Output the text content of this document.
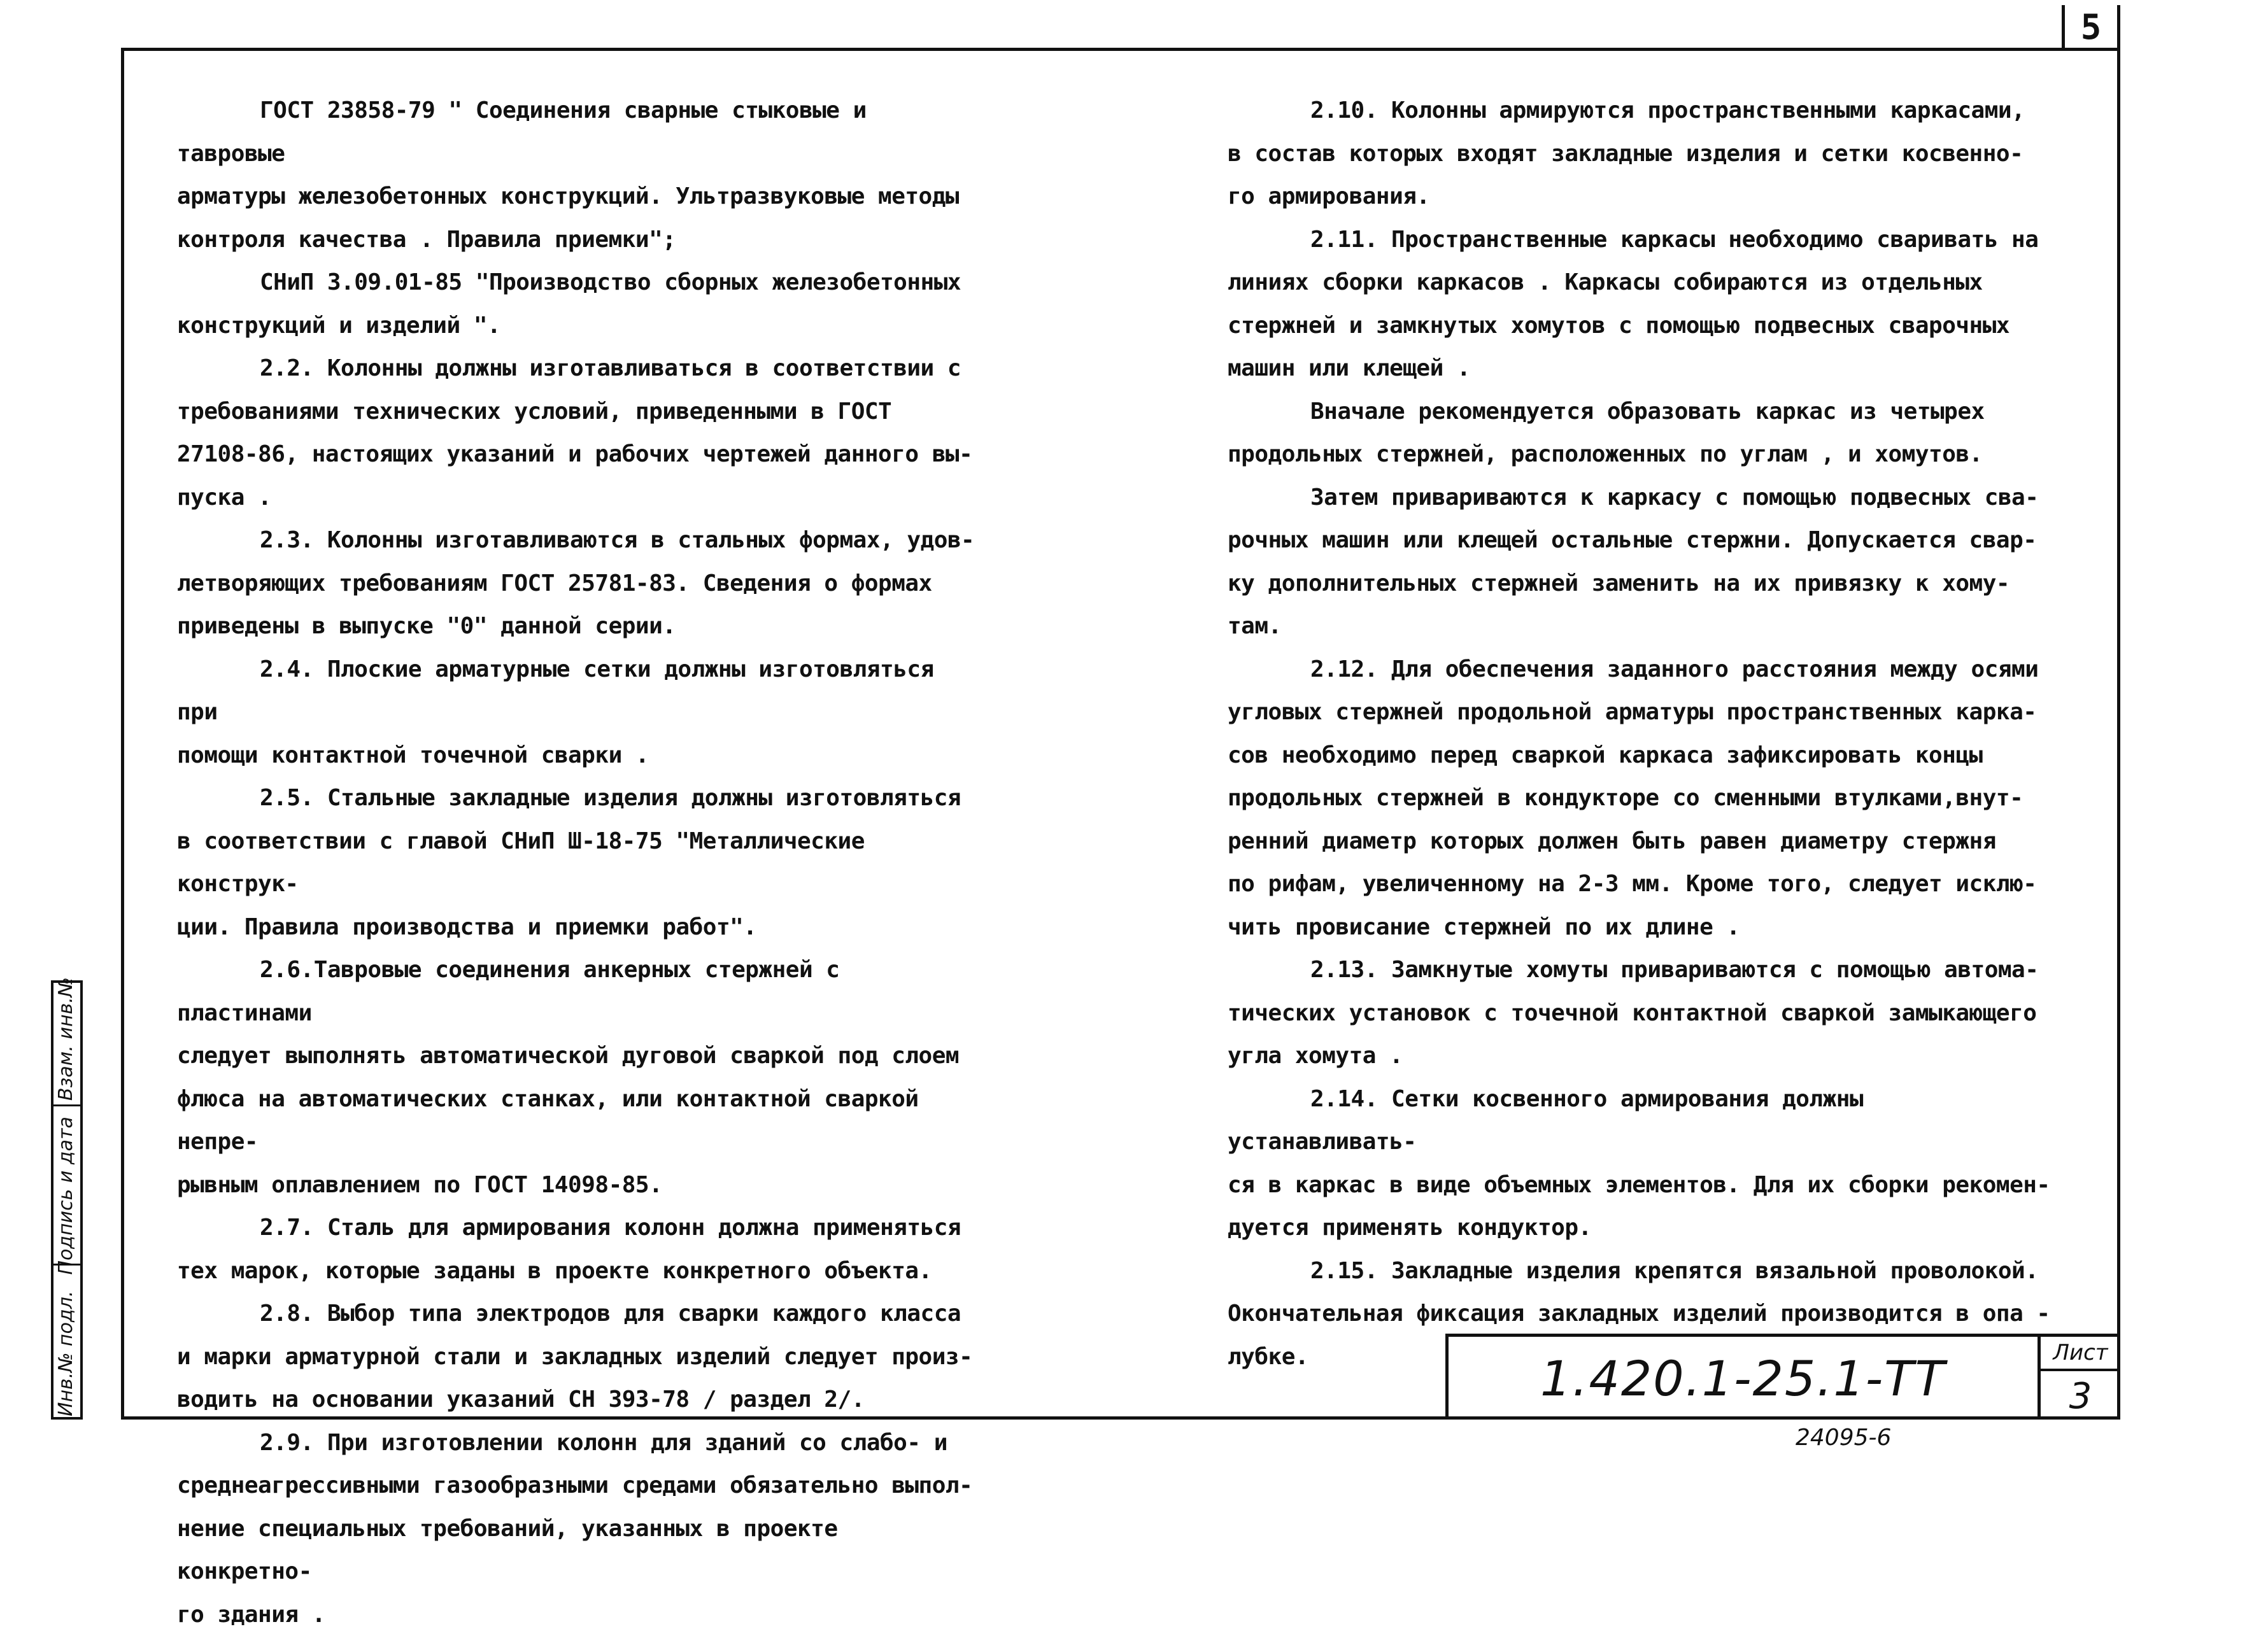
5

ГОСТ 23858-79 " Соединения сварные стыковые и тавровые
арматуры железобетонных конструкций. Ультразвуковые методы
контроля качества . Правила приемки";

СНиП 3.09.01-85 "Производство сборных железобетонных
конструкций и изделий ".

2.2. Колонны должны изготавливаться в соответствии с
требованиями технических условий, приведенными в ГОСТ
27108-86, настоящих указаний и рабочих чертежей данного вы-
пуска .

2.3. Колонны изготавливаются в стальных формах, удов-
летворяющих требованиям ГОСТ 25781-83. Сведения о формах
приведены в выпуске "0" данной серии.

2.4. Плоские арматурные сетки должны изготовляться при
помощи контактной точечной сварки .

2.5. Стальные закладные изделия должны изготовляться
в соответствии с главой СНиП Ш-18-75 "Металлические конструк-
ции. Правила производства и приемки работ".

2.6.Тавровые соединения анкерных стержней с пластинами
следует выполнять автоматической дуговой сваркой под слоем
флюса на автоматических станках, или контактной сваркой непре-
рывным оплавлением по ГОСТ 14098-85.

2.7. Сталь для армирования колонн должна применяться
тех марок, которые заданы в проекте конкретного объекта.

2.8. Выбор типа электродов для сварки каждого класса
и марки арматурной стали и закладных изделий следует произ-
водить на основании указаний СН 393-78 / раздел 2/.

2.9. При изготовлении колонн для зданий со слабо- и
среднеагрессивными газообразными средами обязательно выпол-
нение специальных требований, указанных в проекте конкретно-
го здания .

2.10. Колонны армируются пространственными каркасами,
в состав которых входят закладные изделия и сетки косвенно-
го армирования.

2.11. Пространственные каркасы необходимо сваривать на
линиях сборки каркасов . Каркасы собираются из отдельных
стержней и замкнутых хомутов с помощью подвесных сварочных
машин или клещей .

Вначале рекомендуется образовать каркас из четырех
продольных стержней, расположенных по углам , и хомутов.

Затем привариваются к каркасу с помощью подвесных сва-
рочных машин или клещей остальные стержни. Допускается свар-
ку дополнительных стержней заменить на их привязку к хому-
там.

2.12. Для обеспечения заданного расстояния между осями
угловых стержней продольной арматуры пространственных карка-
сов необходимо перед сваркой каркаса зафиксировать концы
продольных стержней в кондукторе со сменными втулками,внут-
ренний диаметр которых должен быть равен диаметру стержня
по рифам, увеличенному на 2-3 мм. Кроме того, следует исклю-
чить провисание стержней по их длине .

2.13. Замкнутые хомуты привариваются с помощью автома-
тических установок с точечной контактной сваркой замыкающего
угла хомута .

2.14. Сетки косвенного армирования должны устанавливать-
ся в каркас в виде объемных элементов. Для их сборки рекомен-
дуется применять кондуктор.

2.15. Закладные изделия крепятся вязальной проволокой.
Окончательная фиксация закладных изделий производится в опа -
лубке.

Инв.№ подл.
Подпись и дата
Взам. инв.№
1.420.1-25.1-ТТ	Лист
3
24095-6
